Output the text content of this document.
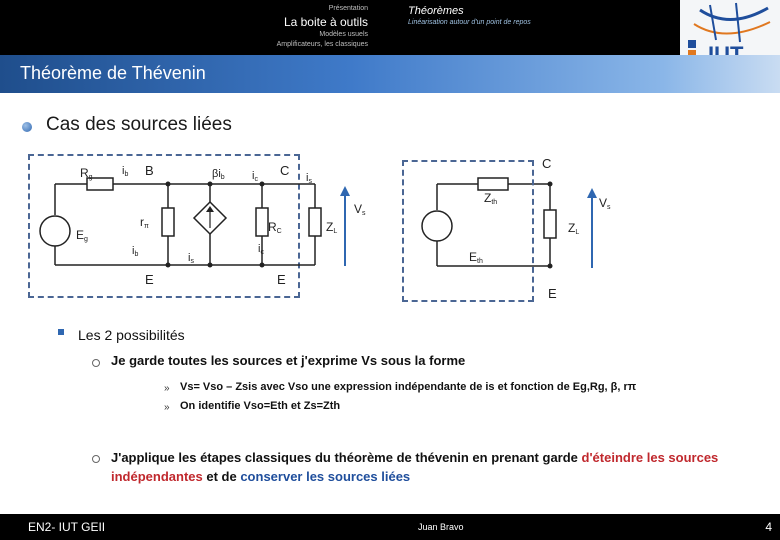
Présentation
La boite à outils
Modèles usuels
Amplificateurs, les classiques
Théorèmes
Linéarisation autour d'un point de repos
Théorème de Thévenin
Cas des sources liées
$R_g$
$i_b$ B	$\beta i_b$ $i_c$
C $i_s$
$E_g$
$r_\pi$	$R_C$	$Z_L$
$V_s$
$i_b$	$i_s$
$i_c$
E	E
C
$Z_{th}$	$V_s$
$Z_L$
$E_{th}$
E
Les 2 possibilités
Je garde toutes les sources et j'exprime Vs sous la forme
» Vs= Vso – Zsis avec Vso une expression indépendante de is et fonction de Eg,Rg, β, rπ
» On identifie Vso=Eth et Zs=Zth
J'applique les étapes classiques du théorème de thévenin en prenant garde d'éteindre les sources indépendantes et de conserver les sources liées
EN2- IUT GEII	Juan Bravo	4
